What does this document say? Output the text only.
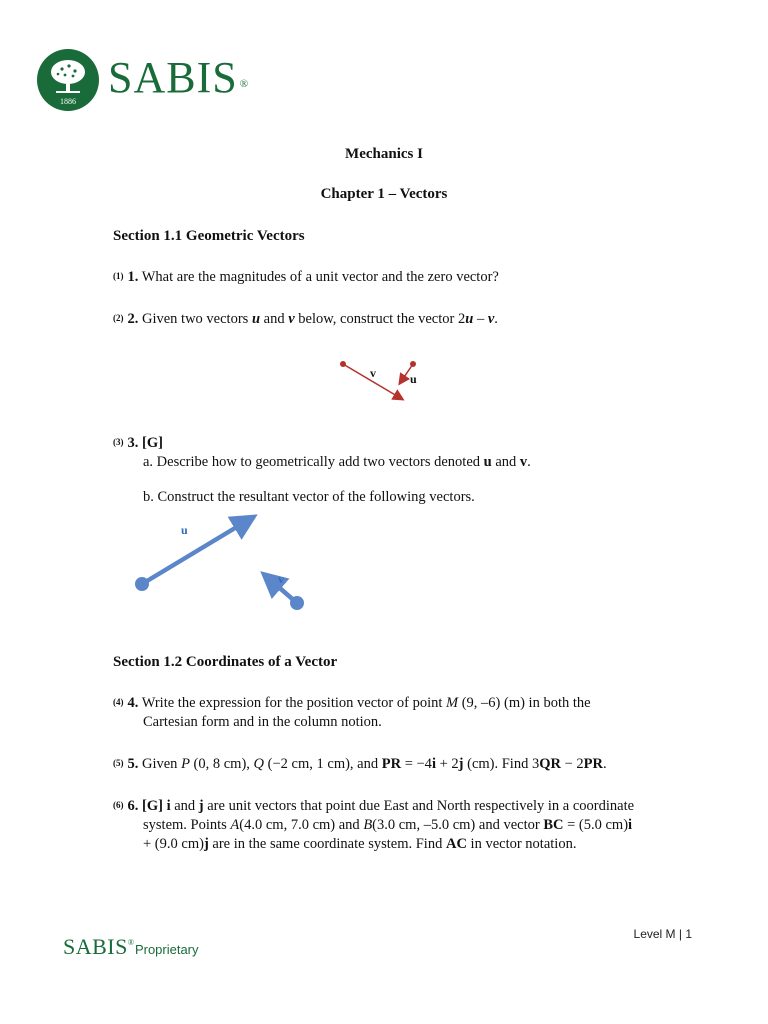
1886 SABIS ®
Mechanics I
Chapter 1 – Vectors
Section 1.1 Geometric Vectors
$^{(1)}$ 1. What are the magnitudes of a unit vector and the zero vector?
$^{(2)}$ 2. Given two vectors u and v below, construct the vector 2u – v.
v	u
$^{(3)}$ 3. [G]
a. Describe how to geometrically add two vectors denoted u and v.
b. Construct the resultant vector of the following vectors.
u
v
Section 1.2 Coordinates of a Vector
$^{(4)}$ 4. Write the expression for the position vector of point M (9, –6) (m) in both the
Cartesian form and in the column notion.
$^{(5)}$ 5. Given P (0, 8 cm), Q (−2 cm, 1 cm), and PR = −4i + 2j (cm). Find 3QR − 2PR.
$^{(6)}$ 6. [G] i and j are unit vectors that point due East and North respectively in a coordinate
system. Points A(4.0 cm, 7.0 cm) and B(3.0 cm, –5.0 cm) and vector BC = (5.0 cm)i
+ (9.0 cm)j are in the same coordinate system. Find AC in vector notation.
Level M | 1
SABIS®Proprietary
